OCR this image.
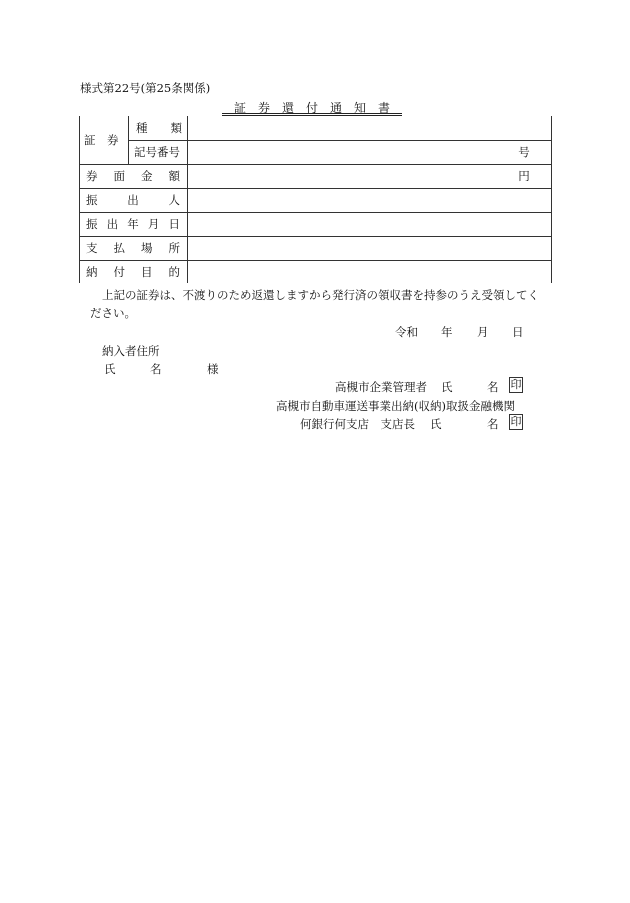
様式第22号(第25条関係)
証　券　還　付　通　知　書
証　券
種 類
記号番号	号
券 面 金 額	円
振	出	人
振 出 年 月 日
支 払 場 所
納 付 目 的
上記の証券は、不渡りのため返還しますから発行済の領収書を持参のうえ受領してく
ださい。
令和 年 月 日
納入者住所
氏	名	様
高槻市企業管理者 氏	名	印
高槻市自動車運送事業出納(収納)取扱金融機関
何銀行何支店　支店長 氏	名	印
